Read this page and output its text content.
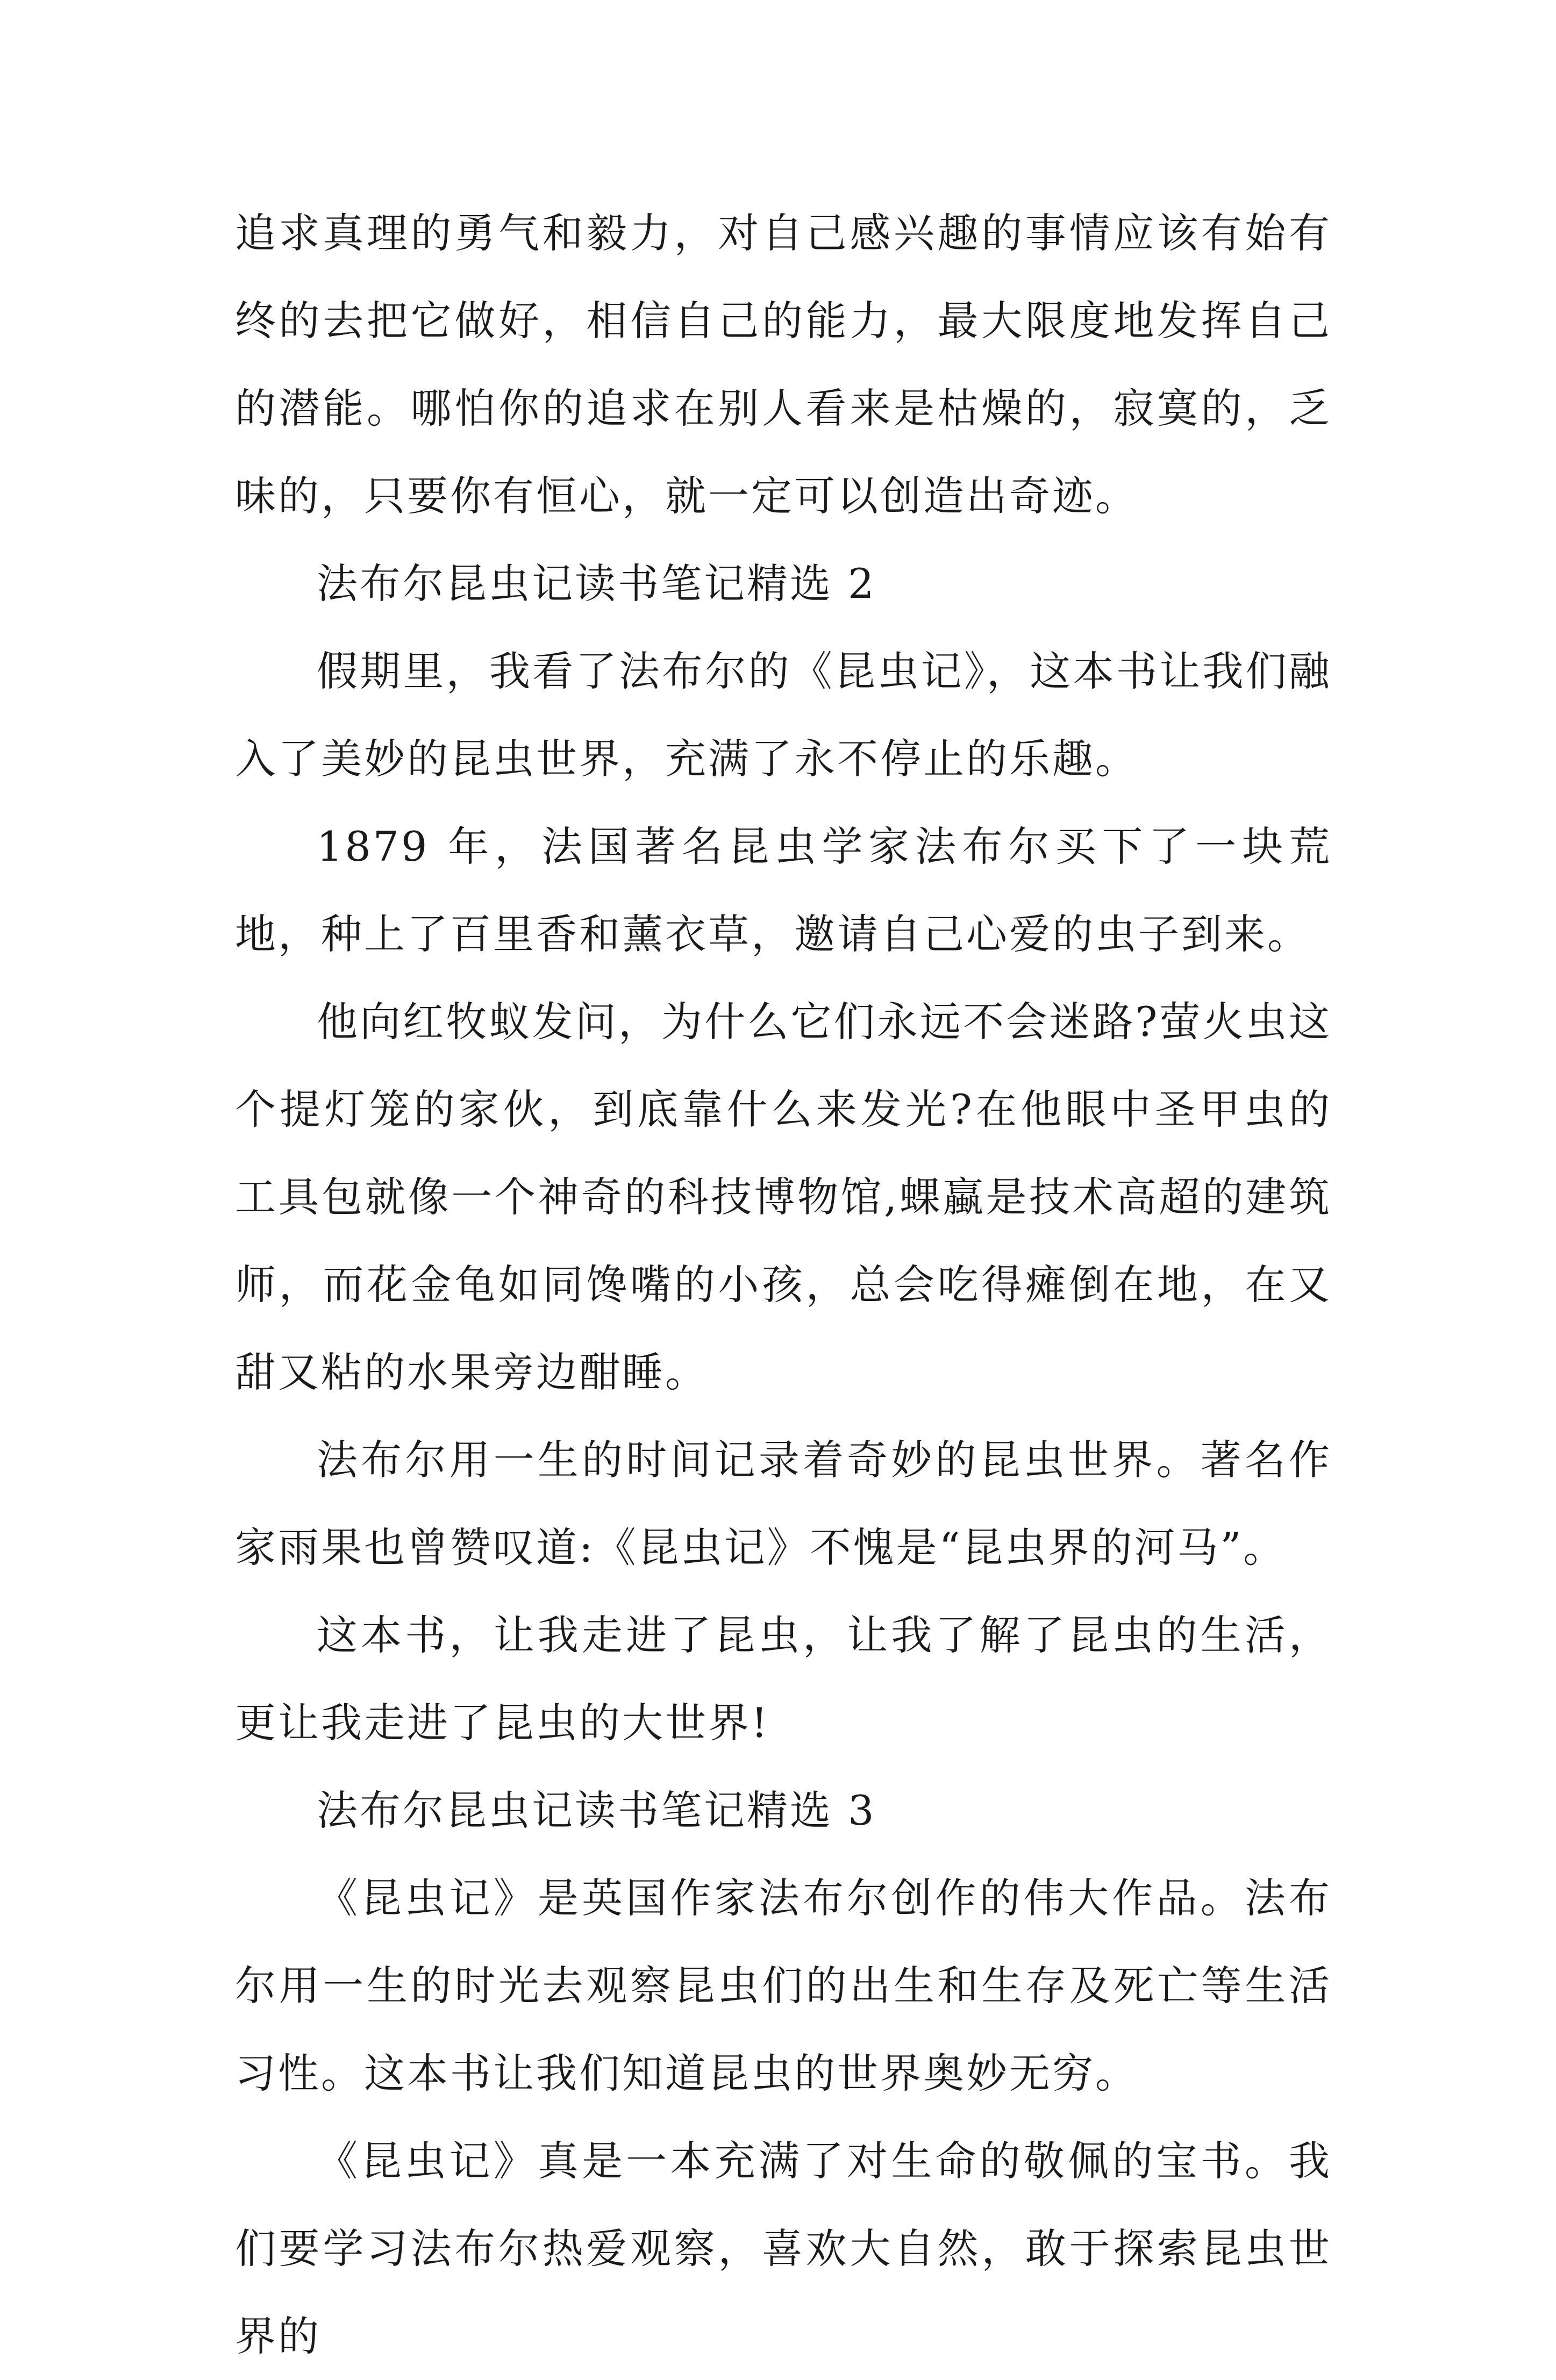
追求真理的勇气和毅力，对自己感兴趣的事情应该有始有终的去把它做好，相信自己的能力，最大限度地发挥自己的潜能。哪怕你的追求在别人看来是枯燥的，寂寞的，乏味的，只要你有恒心，就一定可以创造出奇迹。

法布尔昆虫记读书笔记精选 2

假期里，我看了法布尔的《昆虫记》，这本书让我们融入了美妙的昆虫世界，充满了永不停止的乐趣。

1879 年，法国著名昆虫学家法布尔买下了一块荒地，种上了百里香和薰衣草，邀请自己心爱的虫子到来。

他向红牧蚁发问，为什么它们永远不会迷路?萤火虫这个提灯笼的家伙，到底靠什么来发光?在他眼中圣甲虫的工具包就像一个神奇的科技博物馆,蜾蠃是技术高超的建筑师，而花金龟如同馋嘴的小孩，总会吃得瘫倒在地，在又甜又粘的水果旁边酣睡。

法布尔用一生的时间记录着奇妙的昆虫世界。著名作家雨果也曾赞叹道:《昆虫记》不愧是“昆虫界的河马”。

这本书，让我走进了昆虫，让我了解了昆虫的生活，更让我走进了昆虫的大世界!

法布尔昆虫记读书笔记精选 3

《昆虫记》是英国作家法布尔创作的伟大作品。法布尔用一生的时光去观察昆虫们的出生和生存及死亡等生活习性。这本书让我们知道昆虫的世界奥妙无穷。

《昆虫记》真是一本充满了对生命的敬佩的宝书。我们要学习法布尔热爱观察，喜欢大自然，敢于探索昆虫世界的
